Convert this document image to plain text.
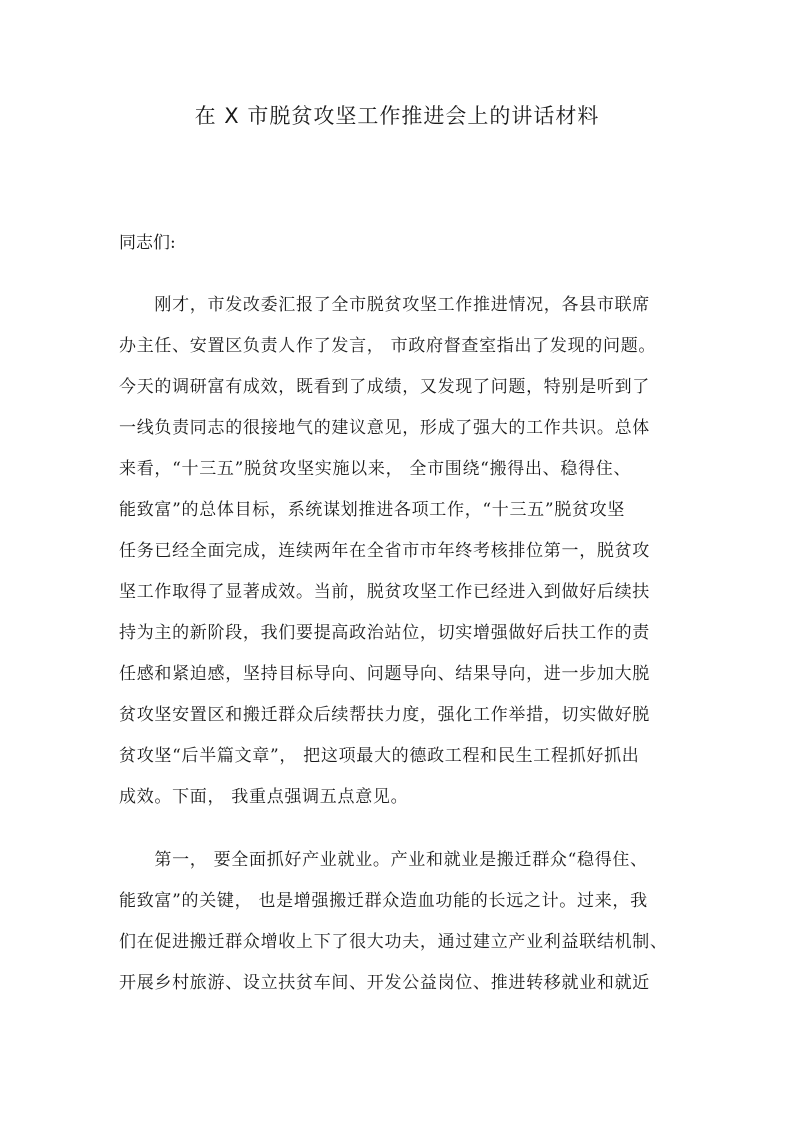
在 X 市脱贫攻坚工作推进会上的讲话材料
同志们:
　　刚才，市发改委汇报了全市脱贫攻坚工作推进情况，各县市联席
办主任、安置区负责人作了发言， 市政府督查室指出了发现的问题。
今天的调研富有成效，既看到了成绩，又发现了问题，特别是听到了
一线负责同志的很接地气的建议意见，形成了强大的工作共识。总体
来看，“十三五”脱贫攻坚实施以来， 全市围绕“搬得出、稳得住、
能致富”的总体目标，系统谋划推进各项工作，“十三五”脱贫攻坚
任务已经全面完成，连续两年在全省市市年终考核排位第一，脱贫攻
坚工作取得了显著成效。当前，脱贫攻坚工作已经进入到做好后续扶
持为主的新阶段，我们要提高政治站位，切实增强做好后扶工作的责
任感和紧迫感，坚持目标导向、问题导向、结果导向，进一步加大脱
贫攻坚安置区和搬迁群众后续帮扶力度，强化工作举措，切实做好脱
贫攻坚“后半篇文章”， 把这项最大的德政工程和民生工程抓好抓出
成效。下面， 我重点强调五点意见。
　　第一， 要全面抓好产业就业。产业和就业是搬迁群众“稳得住、
能致富”的关键， 也是增强搬迁群众造血功能的长远之计。过来，我
们在促进搬迁群众增收上下了很大功夫，通过建立产业利益联结机制、
开展乡村旅游、设立扶贫车间、开发公益岗位、推进转移就业和就近
